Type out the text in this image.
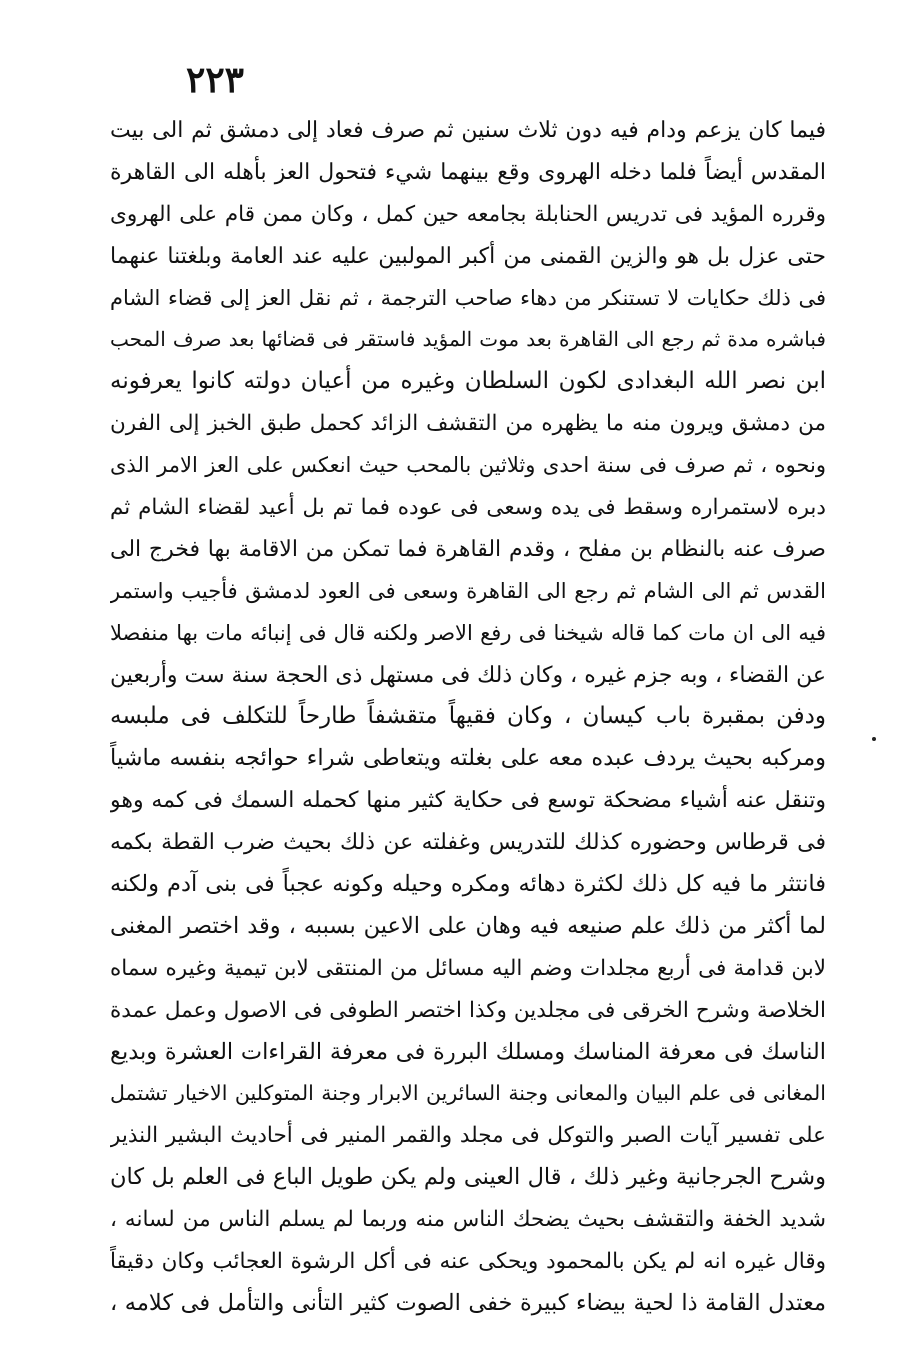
٢٢٣
فيما كان يزعم ودام فيه دون ثلاث سنين ثم صرف فعاد إلى دمشق ثم الى بيت
المقدس أيضاً فلما دخله الهروى وقع بينهما شيء فتحول العز بأهله الى القاهرة
وقرره المؤيد فى تدريس الحنابلة بجامعه حين كمل ، وكان ممن قام على الهروى
حتى عزل بل هو والزين القمنى من أكبر المولبين عليه عند العامة وبلغتنا عنهما
فى ذلك حكايات لا تستنكر من دهاء صاحب الترجمة ، ثم نقل العز إلى قضاء الشام
فباشره مدة ثم رجع الى القاهرة بعد موت المؤيد فاستقر فى قضائها بعد صرف المحب
ابن نصر الله البغدادى لكون السلطان وغيره من أعيان دولته كانوا يعرفونه
من دمشق ويرون منه ما يظهره من التقشف الزائد كحمل طبق الخبز إلى الفرن
ونحوه ، ثم صرف فى سنة احدى وثلاثين بالمحب حيث انعكس على العز الامر الذى
دبره لاستمراره وسقط فى يده وسعى فى عوده فما تم بل أعيد لقضاء الشام ثم
صرف عنه بالنظام بن مفلح ، وقدم القاهرة فما تمكن من الاقامة بها فخرج الى
القدس ثم الى الشام ثم رجع الى القاهرة وسعى فى العود لدمشق فأجيب واستمر
فيه الى ان مات كما قاله شيخنا فى رفع الاصر ولكنه قال فى إنبائه مات بها منفصلا
عن القضاء ، وبه جزم غيره ، وكان ذلك فى مستهل ذى الحجة سنة ست وأربعين
ودفن بمقبرة باب كيسان ، وكان فقيهاً متقشفاً طارحاً للتكلف فى ملبسه
ومركبه بحيث يردف عبده معه على بغلته ويتعاطى شراء حوائجه بنفسه ماشياً
وتنقل عنه أشياء مضحكة توسع فى حكاية كثير منها كحمله السمك فى كمه وهو
فى قرطاس وحضوره كذلك للتدريس وغفلته عن ذلك بحيث ضرب القطة بكمه
فانتثر ما فيه كل ذلك لكثرة دهائه ومكره وحيله وكونه عجباً فى بنى آدم ولكنه
لما أكثر من ذلك علم صنيعه فيه وهان على الاعين بسببه ، وقد اختصر المغنى
لابن قدامة فى أربع مجلدات وضم اليه مسائل من المنتقى لابن تيمية وغيره سماه
الخلاصة وشرح الخرقى فى مجلدين وكذا اختصر الطوفى فى الاصول وعمل عمدة
الناسك فى معرفة المناسك ومسلك البررة فى معرفة القراءات العشرة وبديع
المغانى فى علم البيان والمعانى وجنة السائرين الابرار وجنة المتوكلين الاخيار تشتمل
على تفسير آيات الصبر والتوكل فى مجلد والقمر المنير فى أحاديث البشير النذير
وشرح الجرجانية وغير ذلك ، قال العينى ولم يكن طويل الباع فى العلم بل كان
شديد الخفة والتقشف بحيث يضحك الناس منه وربما لم يسلم الناس من لسانه ،
وقال غيره انه لم يكن بالمحمود ويحكى عنه فى أكل الرشوة العجائب وكان دقيقاً
معتدل القامة ذا لحية بيضاء كبيرة خفى الصوت كثير التأنى والتأمل فى كلامه ،
